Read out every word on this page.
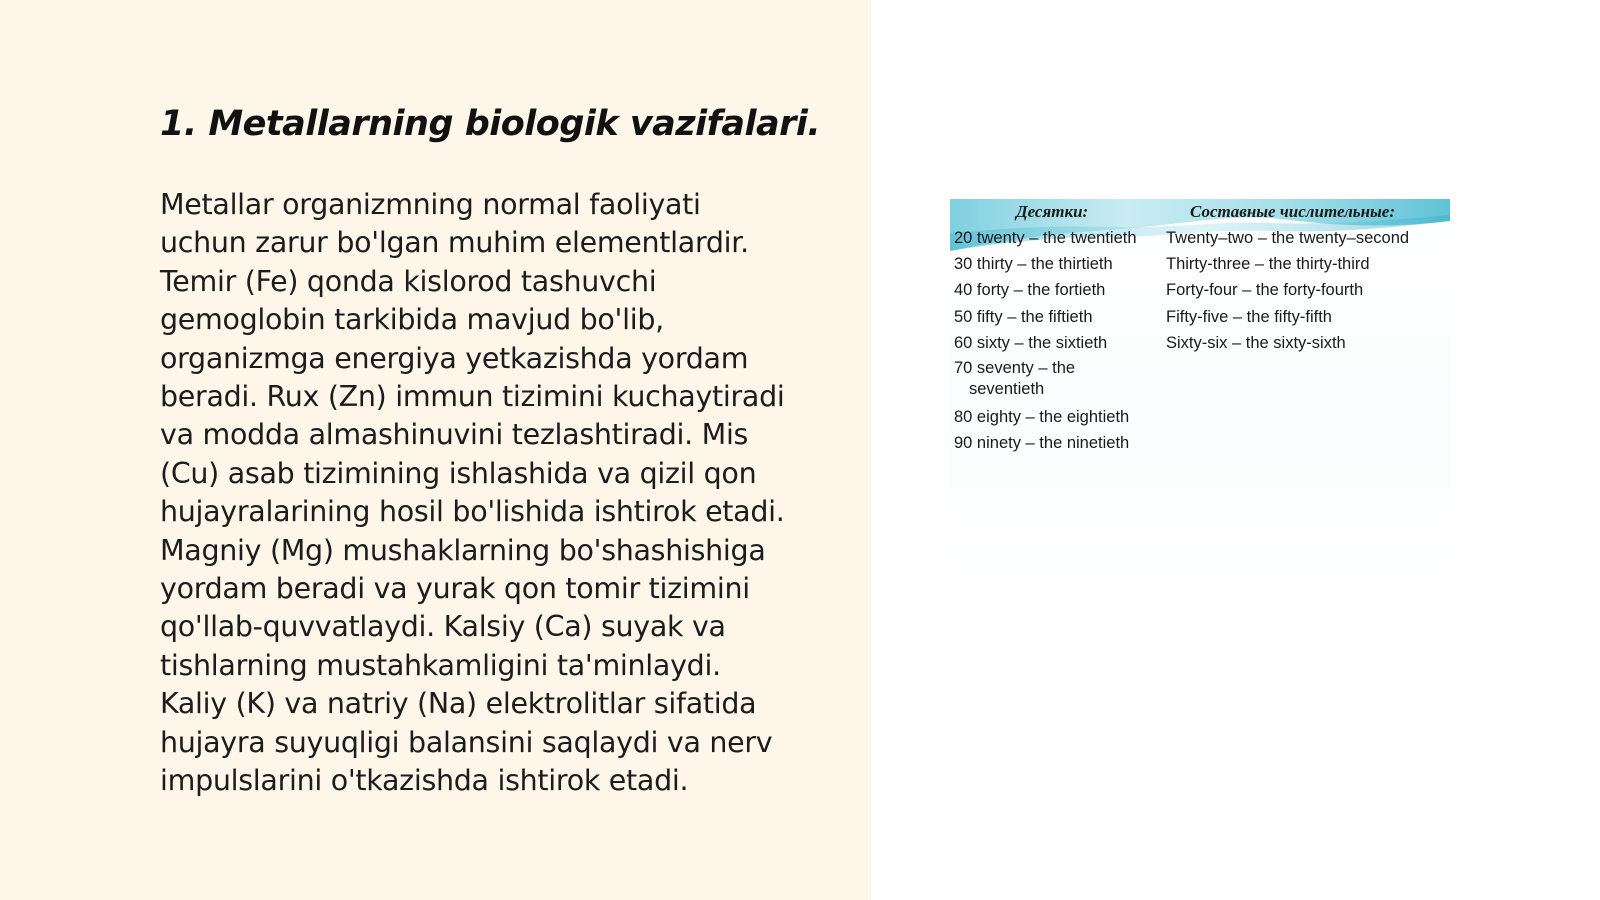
1. Metallarning biologik vazifalari.

Metallar organizmning normal faoliyati
uchun zarur bo'lgan muhim elementlardir.
Temir (Fe) qonda kislorod tashuvchi
gemoglobin tarkibida mavjud bo'lib,
organizmga energiya yetkazishda yordam
beradi. Rux (Zn) immun tizimini kuchaytiradi
va modda almashinuvini tezlashtiradi. Mis
(Cu) asab tizimining ishlashida va qizil qon
hujayralarining hosil bo'lishida ishtirok etadi.
Magniy (Mg) mushaklarning bo'shashishiga
yordam beradi va yurak qon tomir tizimini
qo'llab-quvvatlaydi. Kalsiy (Ca) suyak va
tishlarning mustahkamligini ta'minlaydi.
Kaliy (K) va natriy (Na) elektrolitlar sifatida
hujayra suyuqligi balansini saqlaydi va nerv
impulslarini o'tkazishda ishtirok etadi.

Десятки:	Составные числительные:
20 twenty – the twentieth
30 thirty – the thirtieth
40 forty – the fortieth
50 fifty – the fiftieth
60 sixty – the sixtieth
70 seventy – the
seventieth
80 eighty – the eightieth
90 ninety – the ninetieth
Twenty–two – the twenty–second
Thirty-three – the thirty-third
Forty-four – the forty-fourth
Fifty-five – the fifty-fifth
Sixty-six – the sixty-sixth
